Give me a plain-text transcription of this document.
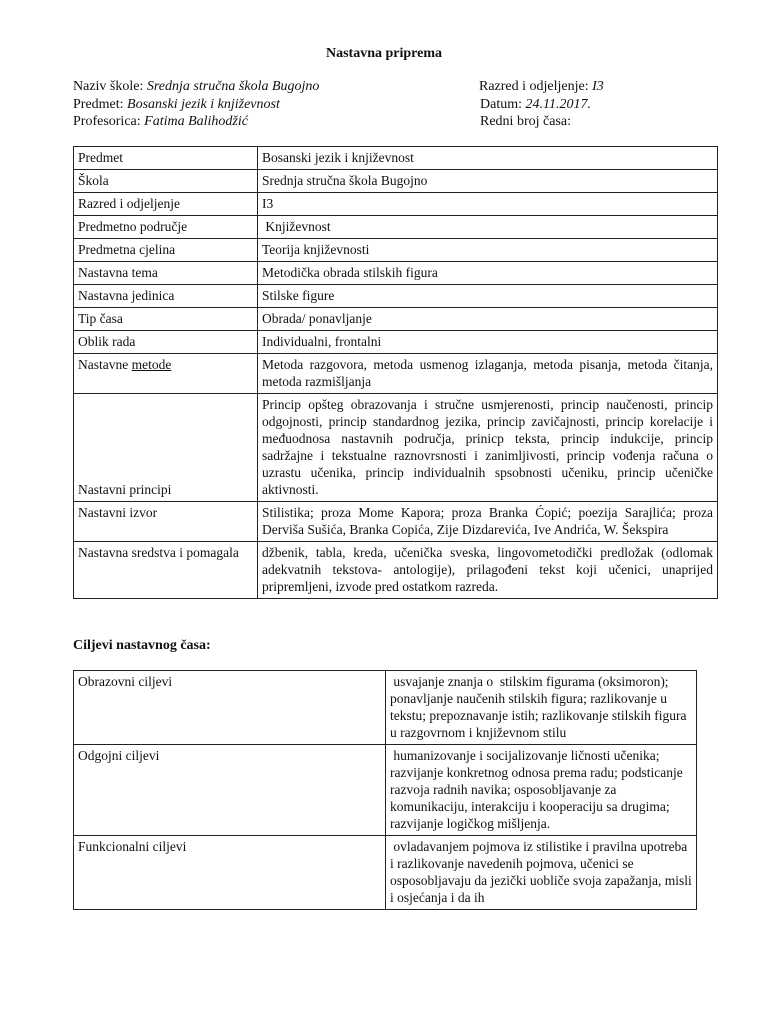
Nastavna priprema
Naziv škole: Srednja stručna škola Bugojno
Predmet: Bosanski jezik i književnost
Profesorica: Fatima Balihodžić
Razred i odjeljenje: I3
Datum: 24.11.2017.
Redni broj časa:
Predmet	Bosanski jezik i književnost
Škola	Srednja stručna škola Bugojno
Razred i odjeljenje	I3
Predmetno područje	Književnost
Predmetna cjelina	Teorija književnosti
Nastavna tema	Metodička obrada stilskih figura
Nastavna jedinica	Stilske figure
Tip časa	Obrada/ ponavljanje
Oblik rada	Individualni, frontalni
Nastavne metode	Metoda razgovora, metoda usmenog izlaganja, metoda pisanja, metoda čitanja, metoda razmišljanja
Nastavni principi	Princip opšteg obrazovanja i stručne usmjerenosti, princip naučenosti, princip odgojnosti, princip standardnog jezika, princip zavičajnosti, princip korelacije i međuodnosa nastavnih područja, prinicp teksta, princip indukcije, princip sadržajne i tekstualne raznovrsnosti i zanimljivosti, princip vođenja računa o uzrastu učenika, princip individualnih spsobnosti učeniku, princip učeničke aktivnosti.
Nastavni izvor	Stilistika; proza Mome Kapora; proza Branka Ćopić; poezija Sarajlića; proza Derviša Sušića, Branka Copića, Zije Dizdarevića, Ive Andrića, W. Šekspira
Nastavna sredstva i pomagala	džbenik, tabla, kreda, učenička sveska, lingovometodički predložak (odlomak adekvatnih tekstova- antologije), prilagođeni tekst koji učenici, unaprijed pripremljeni, izvode pred ostatkom razreda.
Ciljevi nastavnog časa:
Obrazovni ciljevi	usvajanje znanja o  stilskim figurama (oksimoron); ponavljanje naučenih stilskih figura; razlikovanje u tekstu; prepoznavanje istih; razlikovanje stilskih figura u razgovrnom i književnom stilu
Odgojni ciljevi	humanizovanje i socijalizovanje ličnosti učenika; razvijanje konkretnog odnosa prema radu; podsticanje razvoja radnih navika; osposobljavanje za komunikaciju, interakciju i kooperaciju sa drugima; razvijanje logičkog mišljenja.
Funkcionalni ciljevi	ovladavanjem pojmova iz stilistike i pravilna upotreba i razlikovanje navedenih pojmova, učenici se osposobljavaju da jezički uobliče svoja zapažanja, misli i osjećanja i da ih
